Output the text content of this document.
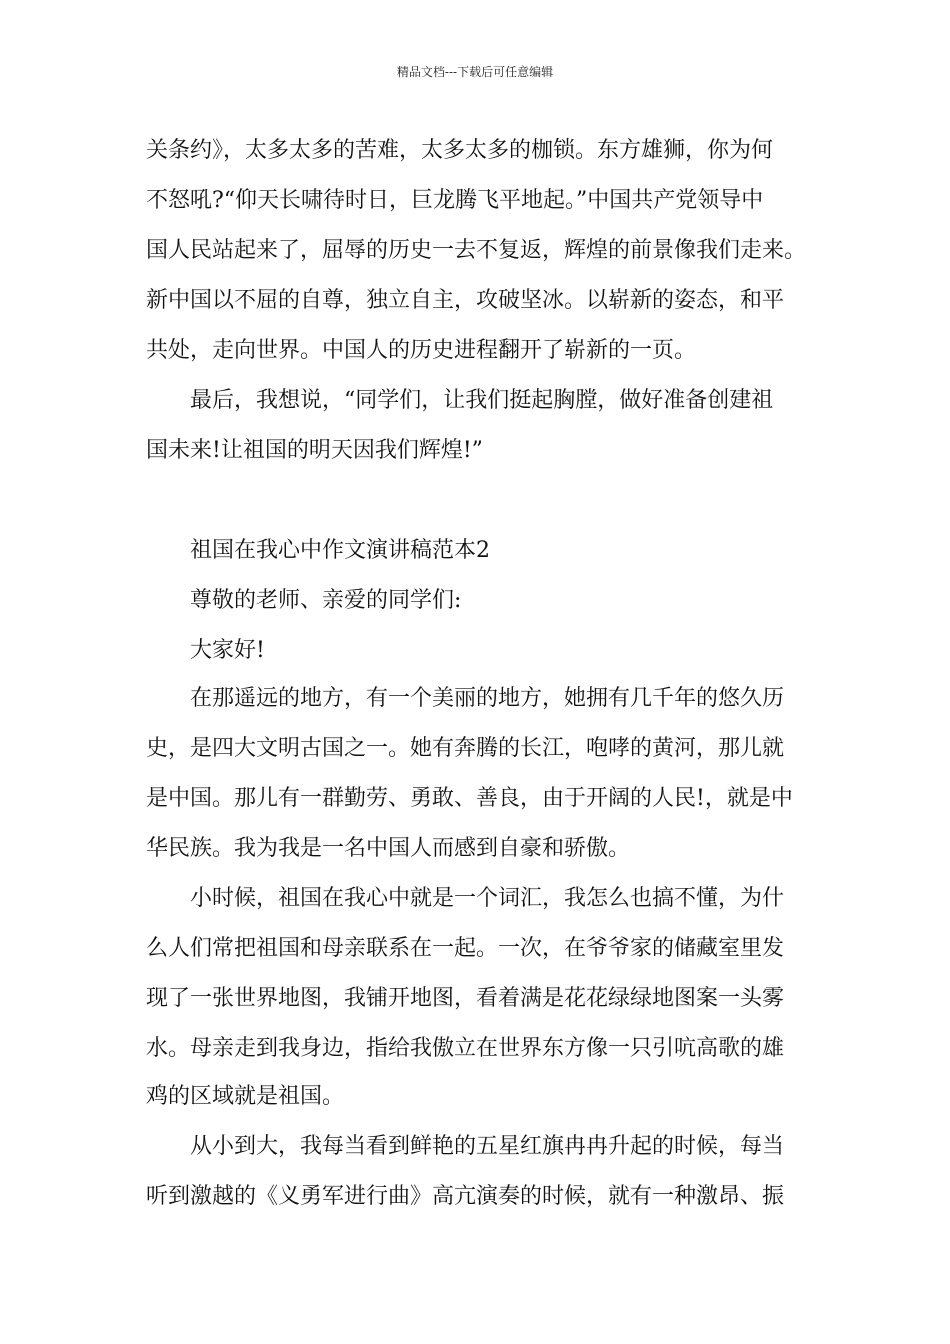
精品文档---下载后可任意编辑
关条约》，太多太多的苦难，太多太多的枷锁。东方雄狮，你为何
不怒吼?“仰天长啸待时日，巨龙腾飞平地起。”中国共产党领导中
国人民站起来了，屈辱的历史一去不复返，辉煌的前景像我们走来。
新中国以不屈的自尊，独立自主，攻破坚冰。以崭新的姿态，和平
共处，走向世界。中国人的历史进程翻开了崭新的一页。
最后，我想说，“同学们，让我们挺起胸膛，做好准备创建祖
国未来!让祖国的明天因我们辉煌!”
祖国在我心中作文演讲稿范本2
尊敬的老师、亲爱的同学们:
大家好!
在那遥远的地方，有一个美丽的地方，她拥有几千年的悠久历
史，是四大文明古国之一。她有奔腾的长江，咆哮的黄河，那儿就
是中国。那儿有一群勤劳、勇敢、善良，由于开阔的人民!，就是中
华民族。我为我是一名中国人而感到自豪和骄傲。
小时候，祖国在我心中就是一个词汇，我怎么也搞不懂，为什
么人们常把祖国和母亲联系在一起。一次，在爷爷家的储藏室里发
现了一张世界地图，我铺开地图，看着满是花花绿绿地图案一头雾
水。母亲走到我身边，指给我傲立在世界东方像一只引吭高歌的雄
鸡的区域就是祖国。
从小到大，我每当看到鲜艳的五星红旗冉冉升起的时候，每当
听到激越的《义勇军进行曲》高亢演奏的时候，就有一种激昂、振
